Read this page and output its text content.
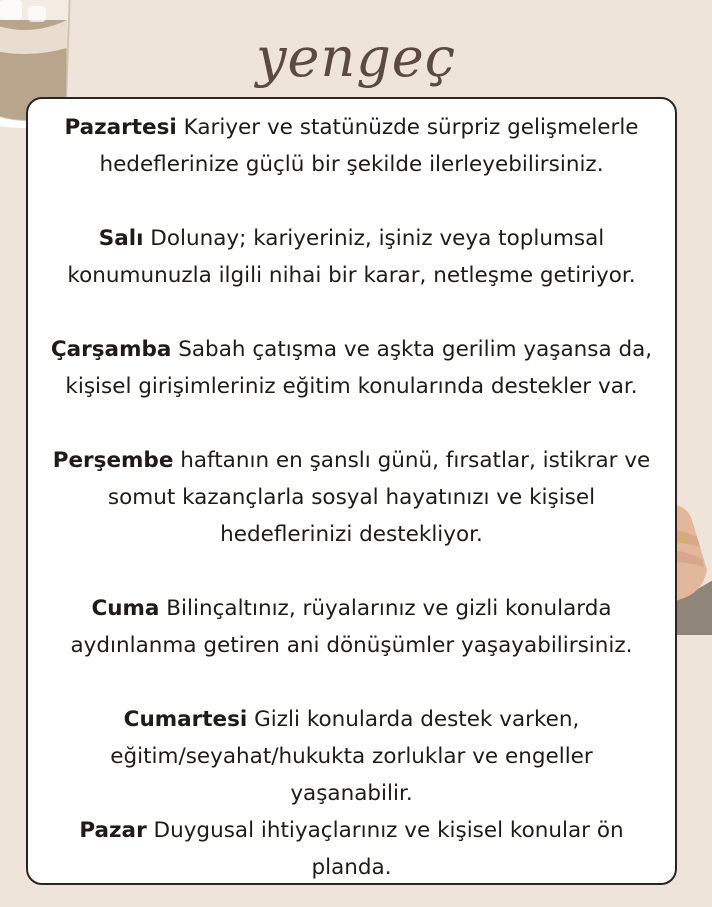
yengeç
Pazartesi Kariyer ve statünüzde sürpriz gelişmelerle hedeflerinize güçlü bir şekilde ilerleyebilirsiniz.
Salı Dolunay; kariyeriniz, işiniz veya toplumsal konumunuzla ilgili nihai bir karar, netleşme getiriyor.
Çarşamba Sabah çatışma ve aşkta gerilim yaşansa da, kişisel girişimleriniz eğitim konularında destekler var.
Perşembe haftanın en şanslı günü, fırsatlar, istikrar ve somut kazançlarla sosyal hayatınızı ve kişisel hedeflerinizi destekliyor.
Cuma Bilinçaltınız, rüyalarınız ve gizli konularda aydınlanma getiren ani dönüşümler yaşayabilirsiniz.
Cumartesi Gizli konularda destek varken, eğitim/seyahat/hukukta zorluklar ve engeller yaşanabilir.
Pazar Duygusal ihtiyaçlarınız ve kişisel konular ön planda.
